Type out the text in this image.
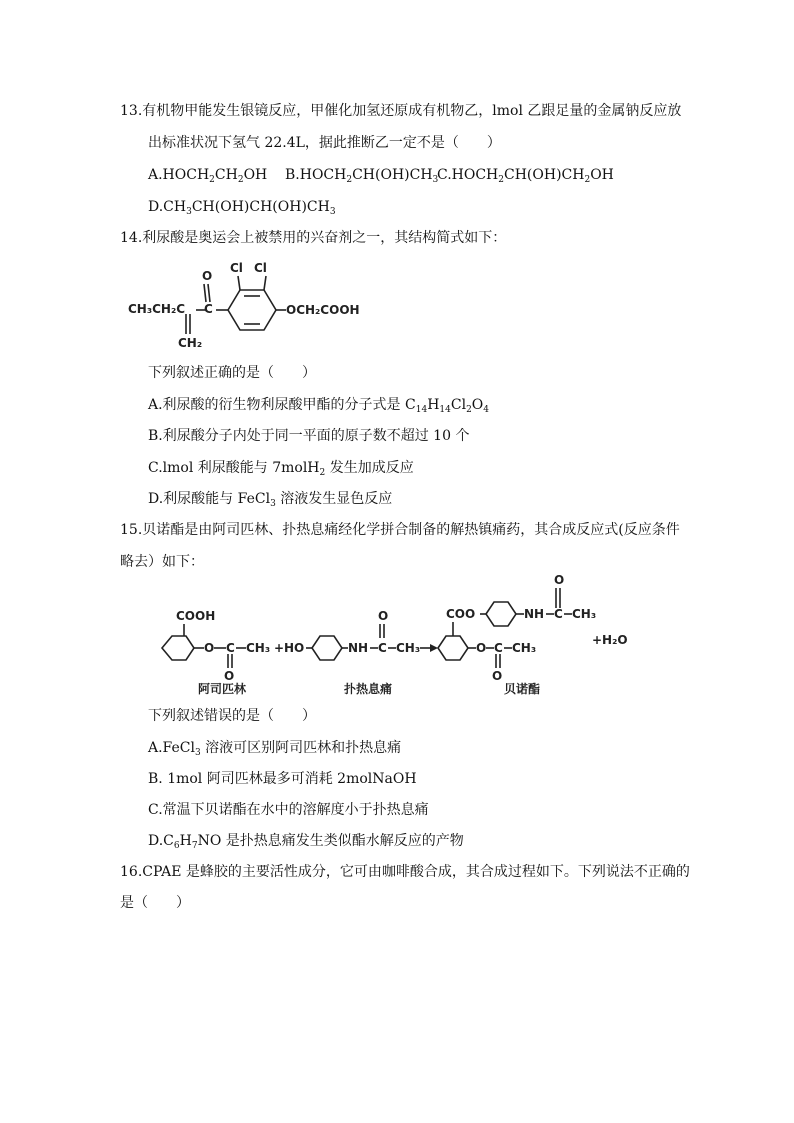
13.有机物甲能发生银镜反应，甲催化加氢还原成有机物乙，lmol 乙跟足量的金属钠反应放
出标准状况下氢气 22.4L，据此推断乙一定不是（　　）
$A.HOCH_2CH_2OH$ $B.HOCH_2CH(OH)CH_3$
$C.HOCH_2CH(OH)CH_2OH$
$D.CH_3CH(OH)CH(OH)CH_3$
14.利尿酸是奥运会上被禁用的兴奋剂之一，其结构简式如下：
CH₃CH₂C
CH₂
O
C
Cl Cl
OCH₂COOH
下列叙述正确的是（　　）
A.利尿酸的衍生物利尿酸甲酯的分子式是 $C_{14}H_{14}Cl_2O_4$
B.利尿酸分子内处于同一平面的原子数不超过 10 个
C.lmol 利尿酸能与 7molH$_2$ 发生加成反应
D.利尿酸能与 FeCl$_3$ 溶液发生显色反应
15.贝诺酯是由阿司匹林、扑热息痛经化学拼合制备的解热镇痛药，其合成反应式(反应条件
略去）如下：
COOH
O C
O
CH₃ + HO	NH C
O
CH₃
COO	NH C
O
CH₃
O C
O
CH₃
+H₂O
阿司匹林	扑热息痛	贝诺酯
下列叙述错误的是（　　）
A.FeCl$_3$ 溶液可区别阿司匹林和扑热息痛
B. 1mol 阿司匹林最多可消耗 2molNaOH
C.常温下贝诺酯在水中的溶解度小于扑热息痛
$D.C_6H_7NO$ 是扑热息痛发生类似酯水解反应的产物
16.CPAE 是蜂胶的主要活性成分，它可由咖啡酸合成，其合成过程如下。下列说法不正确的
是（　　）
